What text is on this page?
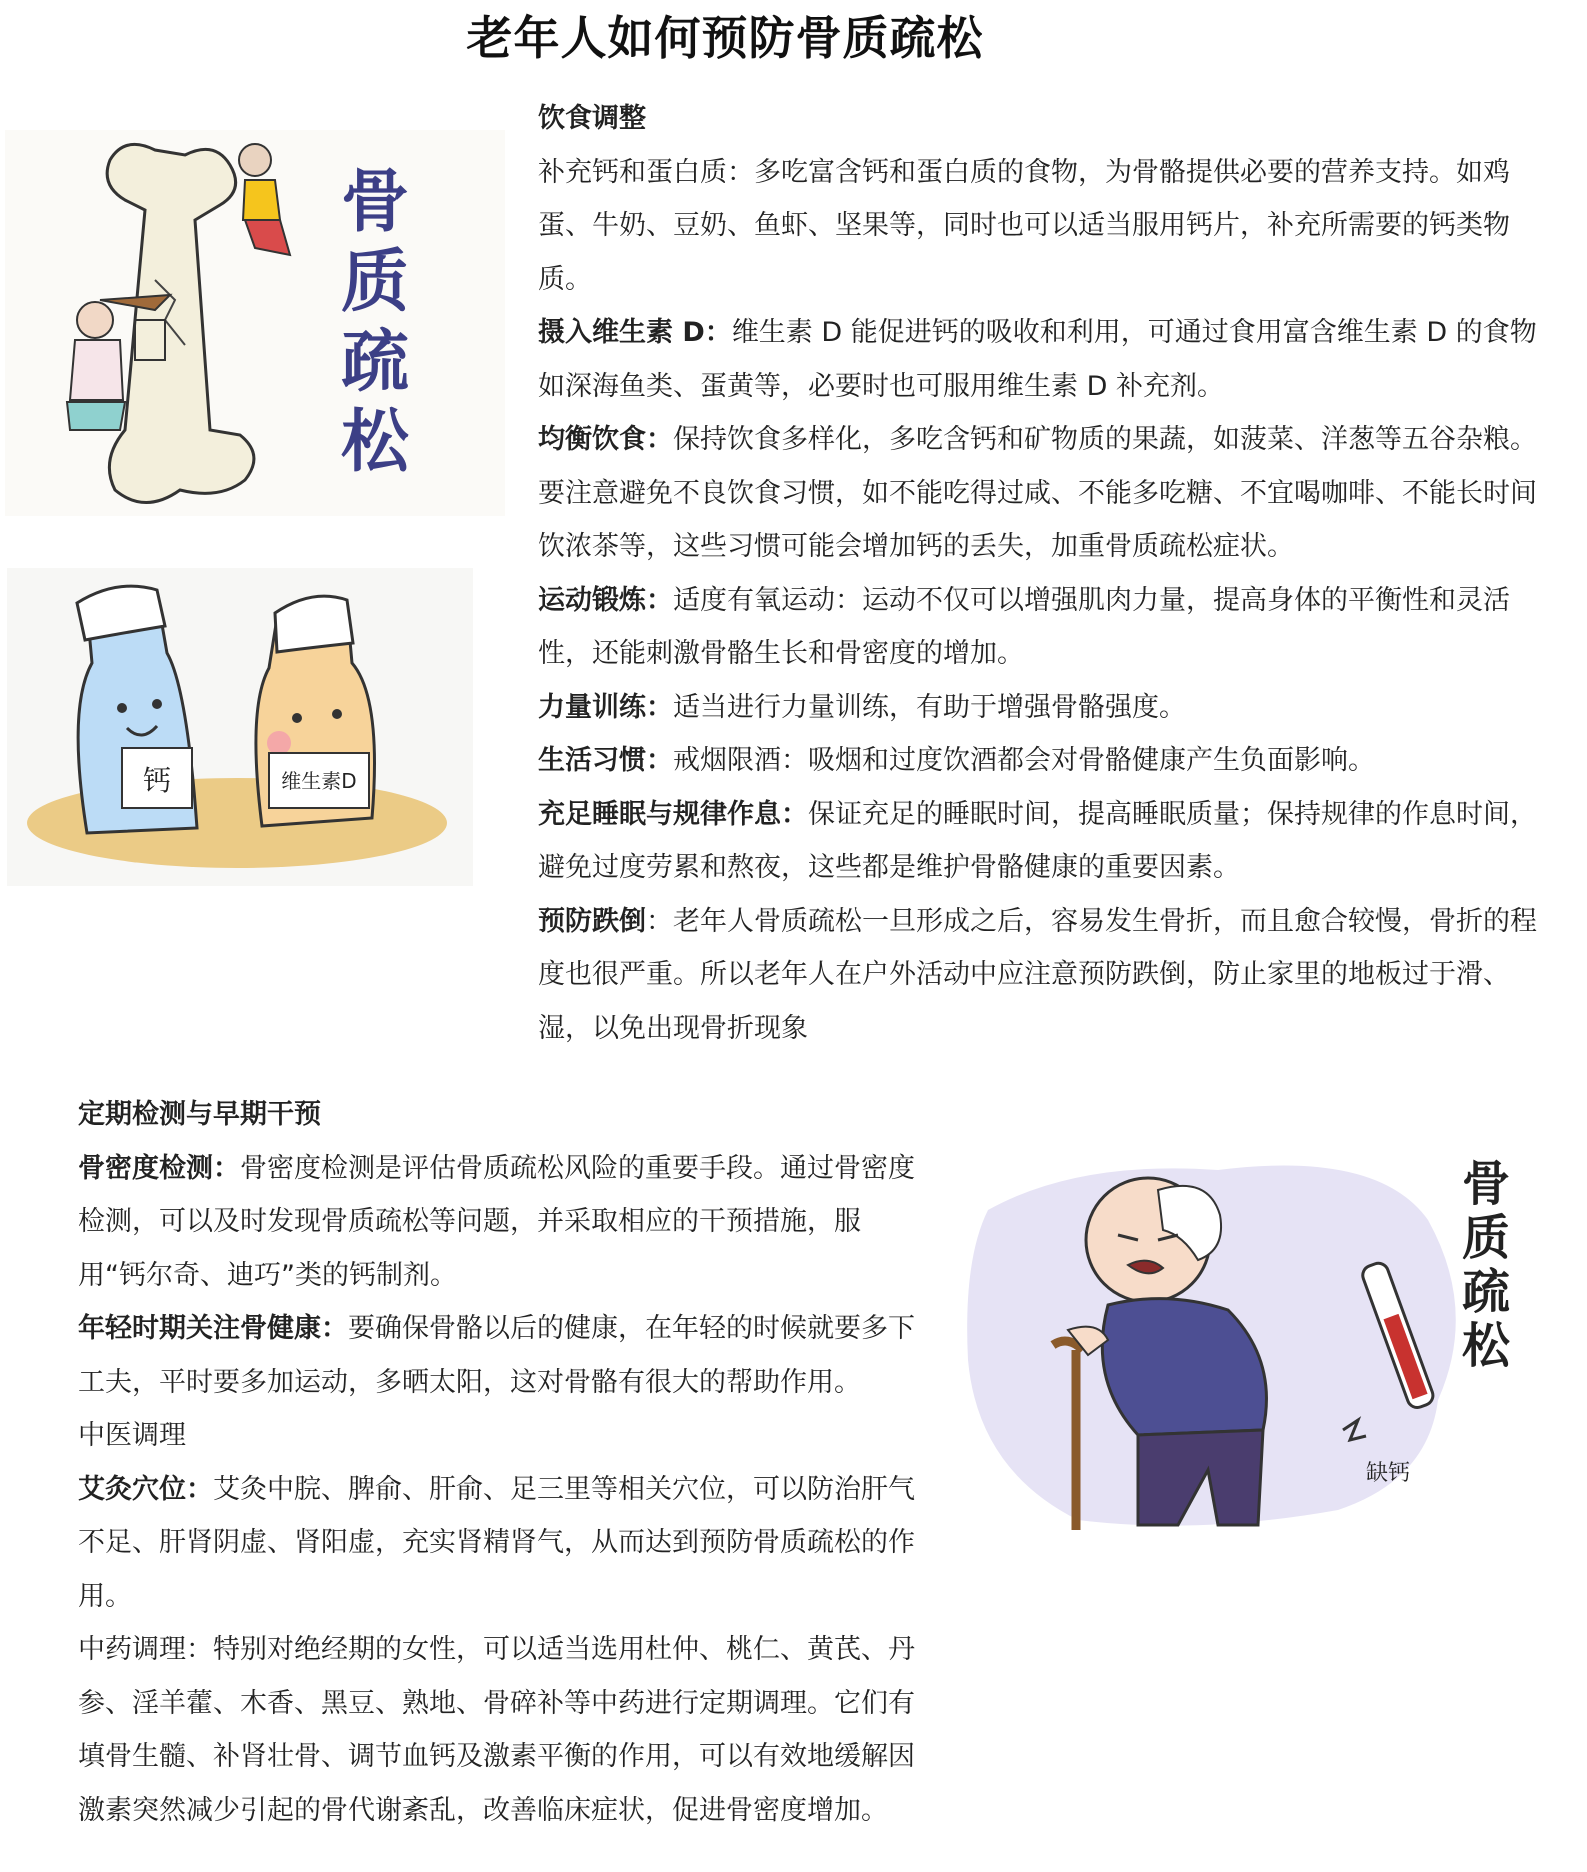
老年人如何预防骨质疏松
骨
质
疏
松
钙	维生素D

饮食调整

补充钙和蛋白质：多吃富含钙和蛋白质的食物，为骨骼提供必要的营养支持。如鸡蛋、牛奶、豆奶、鱼虾、坚果等，同时也可以适当服用钙片，补充所需要的钙类物质。

摄入维生素 D：维生素 D 能促进钙的吸收和利用，可通过食用富含维生素 D 的食物如深海鱼类、蛋黄等，必要时也可服用维生素 D 补充剂。

均衡饮食：保持饮食多样化，多吃含钙和矿物质的果蔬，如菠菜、洋葱等五谷杂粮。要注意避免不良饮食习惯，如不能吃得过咸、不能多吃糖、不宜喝咖啡、不能长时间饮浓茶等，这些习惯可能会增加钙的丢失，加重骨质疏松症状。

运动锻炼：适度有氧运动：运动不仅可以增强肌肉力量，提高身体的平衡性和灵活性，还能刺激骨骼生长和骨密度的增加。

力量训练：适当进行力量训练，有助于增强骨骼强度。

生活习惯：戒烟限酒：吸烟和过度饮酒都会对骨骼健康产生负面影响。

充足睡眠与规律作息：保证充足的睡眠时间，提高睡眠质量；保持规律的作息时间，避免过度劳累和熬夜，这些都是维护骨骼健康的重要因素。

预防跌倒：老年人骨质疏松一旦形成之后，容易发生骨折，而且愈合较慢，骨折的程度也很严重。所以老年人在户外活动中应注意预防跌倒，防止家里的地板过于滑、湿，以免出现骨折现象

定期检测与早期干预

骨密度检测：骨密度检测是评估骨质疏松风险的重要手段。通过骨密度检测，可以及时发现骨质疏松等问题，并采取相应的干预措施，服用“钙尔奇、迪巧”类的钙制剂。

年轻时期关注骨健康：要确保骨骼以后的健康，在年轻的时候就要多下工夫，平时要多加运动，多晒太阳，这对骨骼有很大的帮助作用。

中医调理

艾灸穴位：艾灸中脘、脾俞、肝俞、足三里等相关穴位，可以防治肝气不足、肝肾阴虚、肾阳虚，充实肾精肾气，从而达到预防骨质疏松的作用。

中药调理：特别对绝经期的女性，可以适当选用杜仲、桃仁、黄芪、丹参、淫羊藿、木香、黑豆、熟地、骨碎补等中药进行定期调理。它们有填骨生髓、补肾壮骨、调节血钙及激素平衡的作用，可以有效地缓解因激素突然减少引起的骨代谢紊乱，改善临床症状，促进骨密度增加。

骨
质
疏
松
缺钙
